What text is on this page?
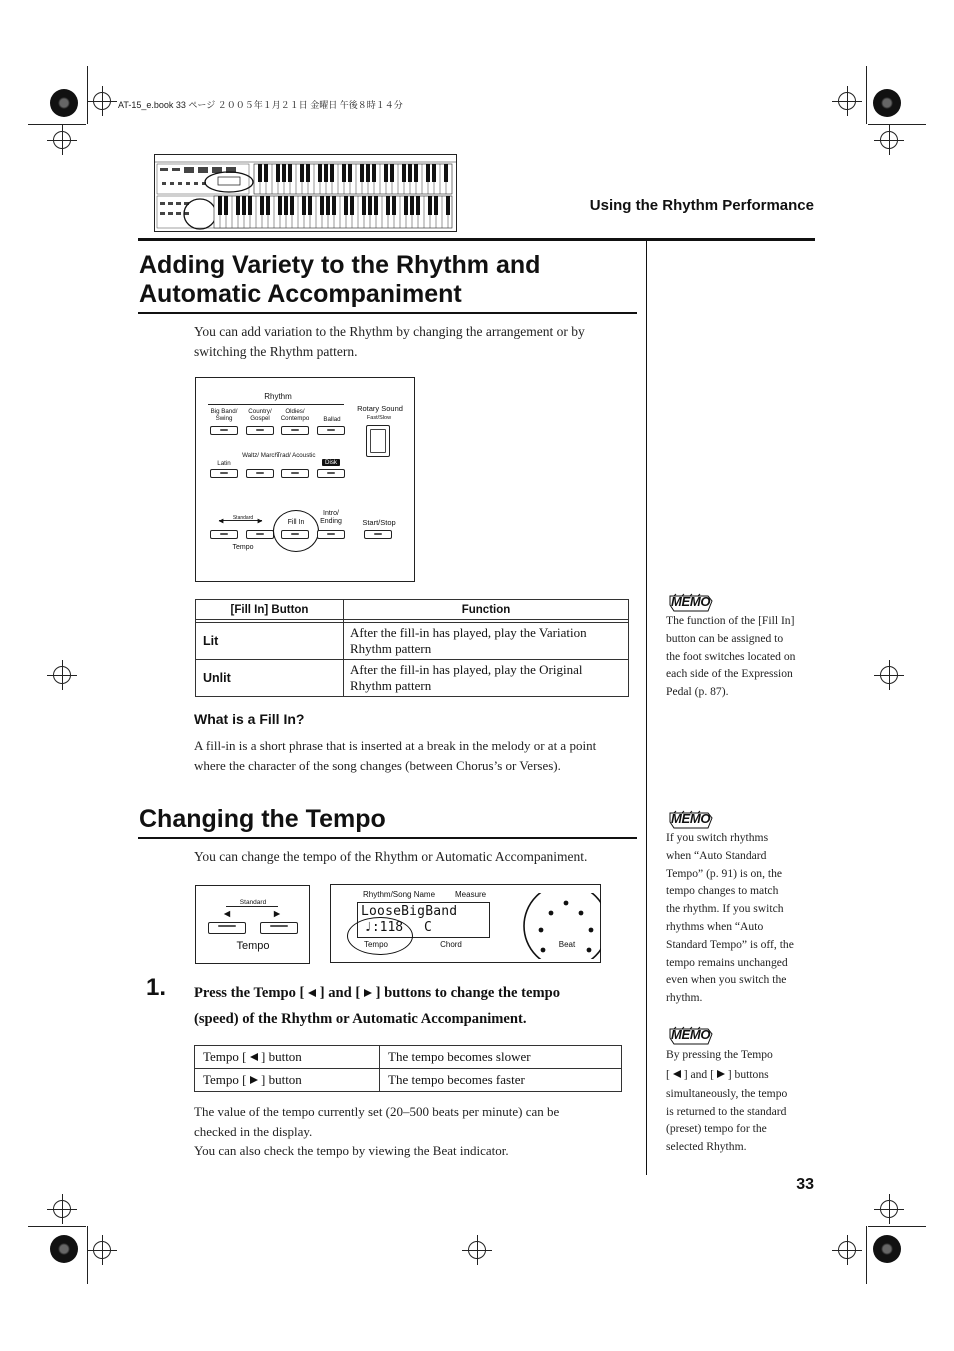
AT-15_e.book 33 ページ ２００５年１月２１日 金曜日 午後８時１４分
Using the Rhythm Performance
Adding Variety to the Rhythm and
Automatic Accompaniment
You can add variation to the Rhythm by changing the arrangement or by
switching the Rhythm pattern.
Rhythm
Big Band/ Swing
Country/ Gospel
Oldies/ Contempo	Ballad
Latin
Waltz/ March
Trad/ Acoustic
Disk
Rotary Sound
Fast/Slow
Standard
Tempo
Fill In
Intro/ Ending	Start/Stop
[Fill In] Button	Function

Lit	After the fill-in has played, play the Variation
Rhythm pattern

Unlit	After the fill-in has played, play the Original
Rhythm pattern
What is a Fill In?
A fill-in is a short phrase that is inserted at a break in the melody or at a point
where the character of the song changes (between Chorus’s or Verses).
Changing the Tempo
You can change the tempo of the Rhythm or Automatic Accompaniment.
Standard
Tempo
Rhythm/Song Name	Measure
LooseBigBand
♩:118 C
Tempo	Chord	Beat
1. Press the Tempo [ ] and [ ] buttons to change the tempo
(speed) of the Rhythm or Automatic Accompaniment.
Tempo [ ] button	The tempo becomes slower
Tempo [ ] button	The tempo becomes faster
The value of the tempo currently set (20–500 beats per minute) can be
checked in the display.
You can also check the tempo by viewing the Beat indicator.
MEMO
The function of the [Fill In]
button can be assigned to
the foot switches located on
each side of the Expression
Pedal (p. 87).
MEMO
If you switch rhythms
when “Auto Standard
Tempo” (p. 91) is on, the
tempo changes to match
the rhythm. If you switch
rhythms when “Auto
Standard Tempo” is off, the
tempo remains unchanged
even when you switch the
rhythm.
MEMO
By pressing the Tempo
[ ] and [ ] buttons
simultaneously, the tempo
is returned to the standard
(preset) tempo for the
selected Rhythm.
33
